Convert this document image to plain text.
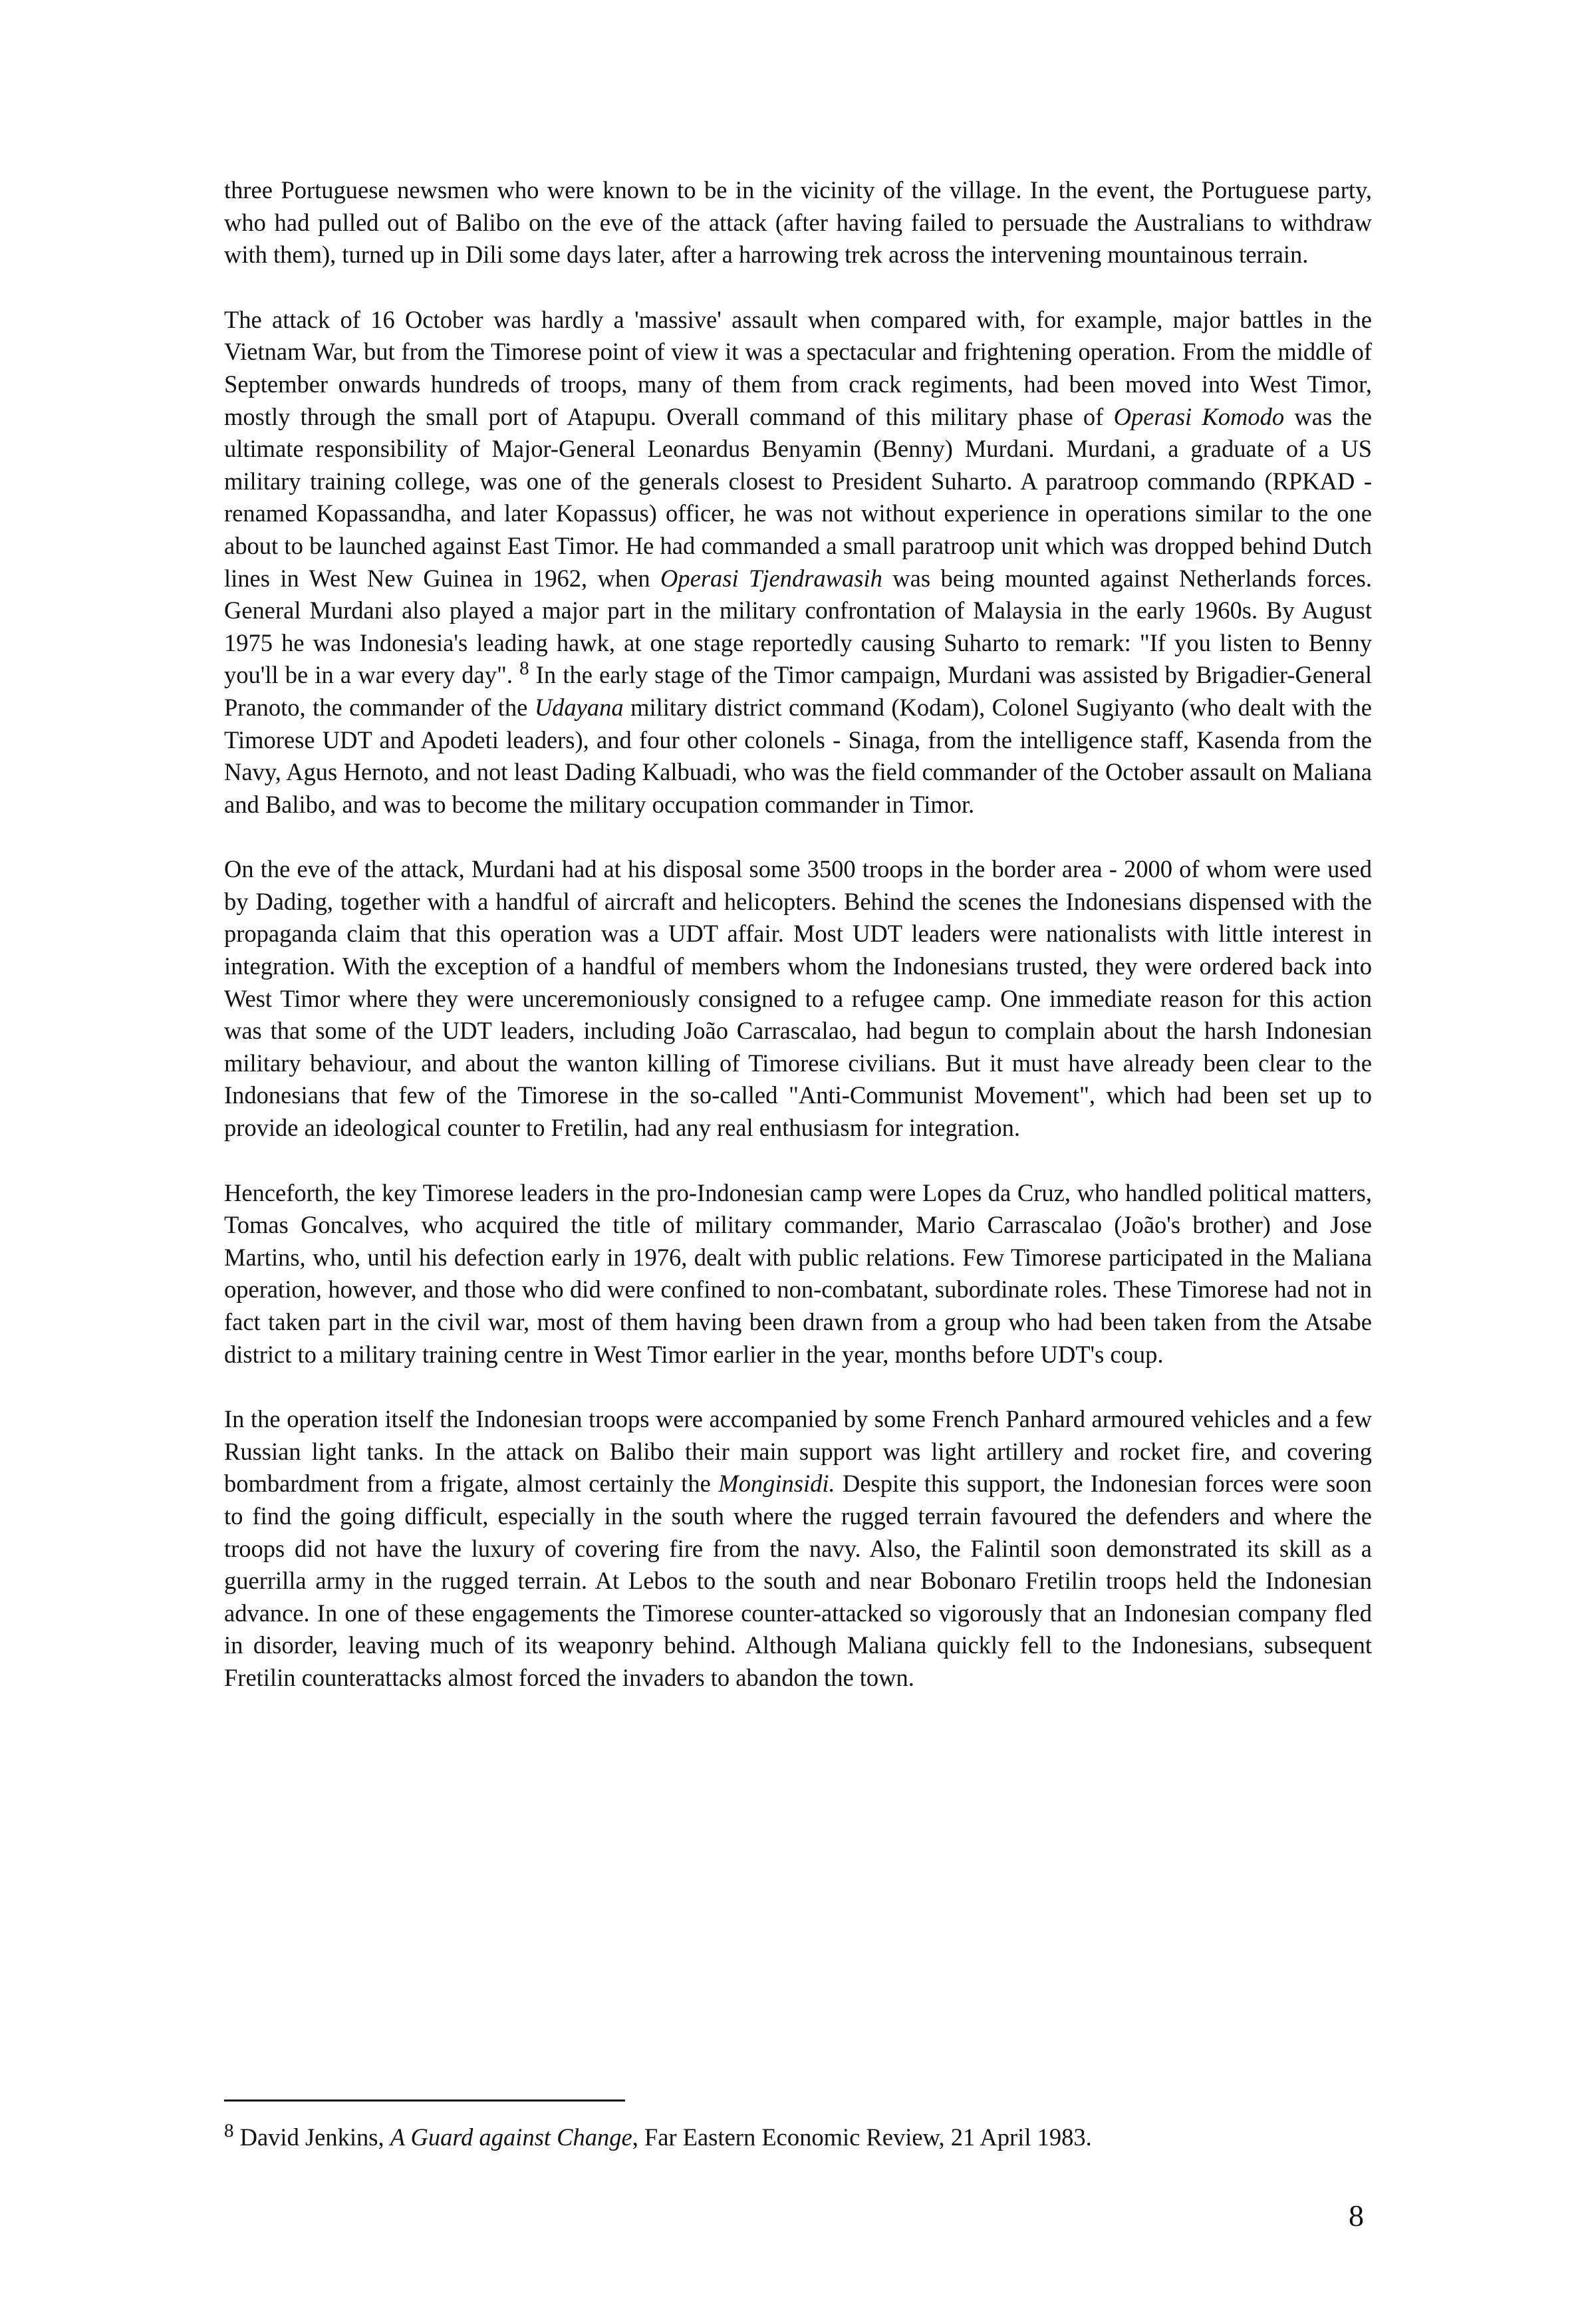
three Portuguese newsmen who were known to be in the vicinity of the village. In the event, the Portuguese party, who had pulled out of Balibo on the eve of the attack (after having failed to persuade the Australians to withdraw with them), turned up in Dili some days later, after a harrowing trek across the intervening mountainous terrain.

The attack of 16 October was hardly a 'massive' assault when compared with, for example, major battles in the Vietnam War, but from the Timorese point of view it was a spectacular and frightening operation. From the middle of September onwards hundreds of troops, many of them from crack regiments, had been moved into West Timor, mostly through the small port of Atapupu. Overall command of this military phase of Operasi Komodo was the ultimate responsibility of Major-General Leonardus Benyamin (Benny) Murdani. Murdani, a graduate of a US military training college, was one of the generals closest to President Suharto. A paratroop commando (RPKAD - renamed Kopassandha, and later Kopassus) officer, he was not without experience in operations similar to the one about to be launched against East Timor. He had commanded a small paratroop unit which was dropped behind Dutch lines in West New Guinea in 1962, when Operasi Tjendrawasih was being mounted against Netherlands forces. General Murdani also played a major part in the military confrontation of Malaysia in the early 1960s. By August 1975 he was Indonesia's leading hawk, at one stage reportedly causing Suharto to remark: "If you listen to Benny you'll be in a war every day". $^8$ In the early stage of the Timor campaign, Murdani was assisted by Brigadier-General Pranoto, the commander of the Udayana military district command (Kodam), Colonel Sugiyanto (who dealt with the Timorese UDT and Apodeti leaders), and four other colonels - Sinaga, from the intelligence staff, Kasenda from the Navy, Agus Hernoto, and not least Dading Kalbuadi, who was the field commander of the October assault on Maliana and Balibo, and was to become the military occupation commander in Timor.

On the eve of the attack, Murdani had at his disposal some 3500 troops in the border area - 2000 of whom were used by Dading, together with a handful of aircraft and helicopters. Behind the scenes the Indonesians dispensed with the propaganda claim that this operation was a UDT affair. Most UDT leaders were nationalists with little interest in integration. With the exception of a handful of members whom the Indonesians trusted, they were ordered back into West Timor where they were unceremoniously consigned to a refugee camp. One immediate reason for this action was that some of the UDT leaders, including João Carrascalao, had begun to complain about the harsh Indonesian military behaviour, and about the wanton killing of Timorese civilians. But it must have already been clear to the Indonesians that few of the Timorese in the so-called "Anti-Communist Movement", which had been set up to provide an ideological counter to Fretilin, had any real enthusiasm for integration.

Henceforth, the key Timorese leaders in the pro-Indonesian camp were Lopes da Cruz, who handled political matters, Tomas Goncalves, who acquired the title of military commander, Mario Carrascalao (João's brother) and Jose Martins, who, until his defection early in 1976, dealt with public relations. Few Timorese participated in the Maliana operation, however, and those who did were confined to non-combatant, subordinate roles. These Timorese had not in fact taken part in the civil war, most of them having been drawn from a group who had been taken from the Atsabe district to a military training centre in West Timor earlier in the year, months before UDT's coup.

In the operation itself the Indonesian troops were accompanied by some French Panhard armoured vehicles and a few Russian light tanks. In the attack on Balibo their main support was light artillery and rocket fire, and covering bombardment from a frigate, almost certainly the Monginsidi. Despite this support, the Indonesian forces were soon to find the going difficult, especially in the south where the rugged terrain favoured the defenders and where the troops did not have the luxury of covering fire from the navy. Also, the Falintil soon demonstrated its skill as a guerrilla army in the rugged terrain. At Lebos to the south and near Bobonaro Fretilin troops held the Indonesian advance. In one of these engagements the Timorese counter-attacked so vigorously that an Indonesian company fled in disorder, leaving much of its weaponry behind. Although Maliana quickly fell to the Indonesians, subsequent Fretilin counterattacks almost forced the invaders to abandon the town.

$^8$ David Jenkins, A Guard against Change, Far Eastern Economic Review, 21 April 1983.
8
